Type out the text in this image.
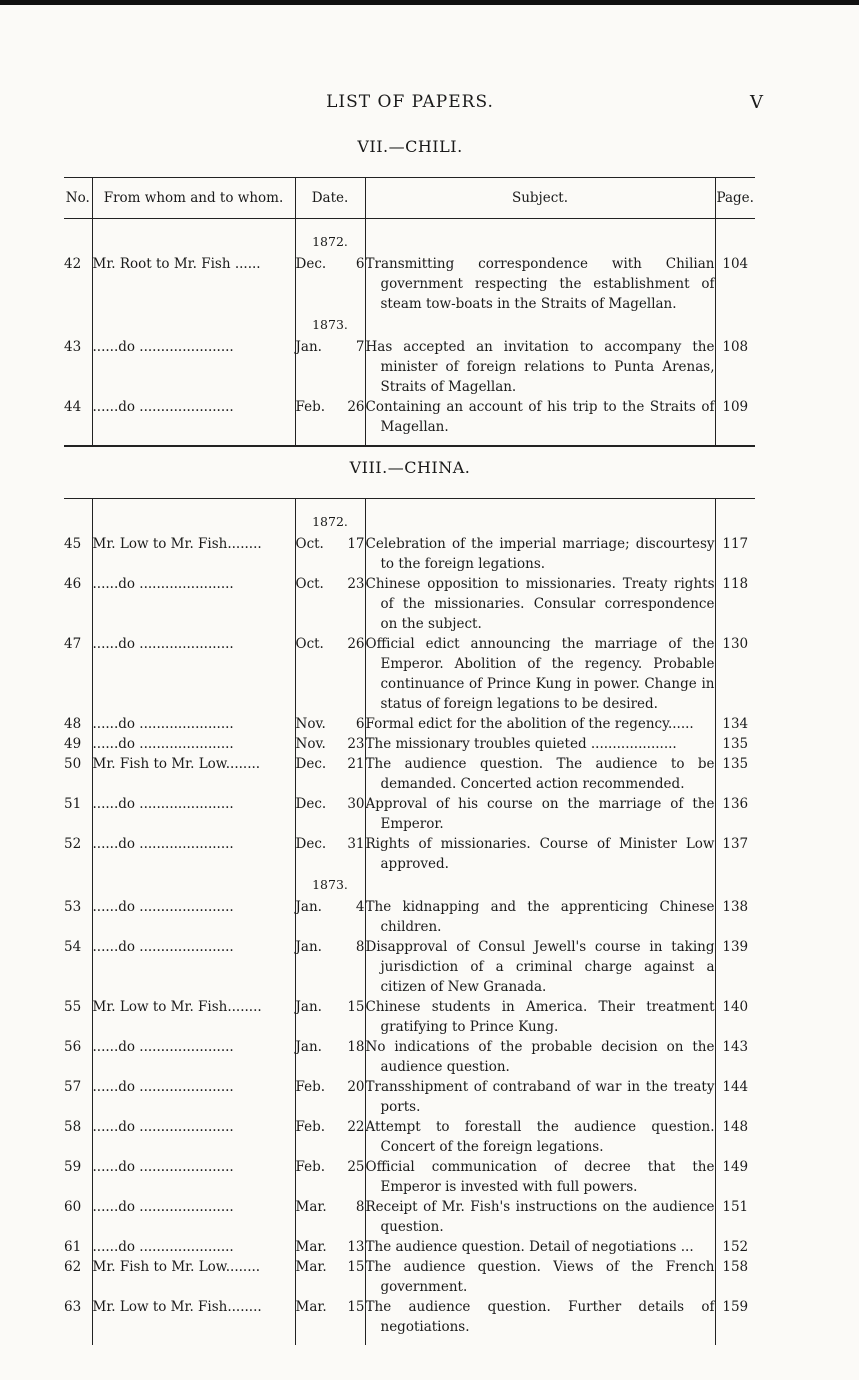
LIST OF PAPERS.	V
VII.—CHILI.
No.	From whom and to whom.	Date.	Subject.	Page.

		1872.		
42	Mr. Root to Mr. Fish ......	Dec. 6	Transmitting correspondence with Chilian government respecting the establishment of steam tow-boats in the Straits of Magellan.	104
		1873.		
43	......do ......................	Jan. 7	Has accepted an invitation to accompany the minister of foreign relations to Punta Arenas, Straits of Magellan.	108
44	......do ......................	Feb. 26	Containing an account of his trip to the Straits of Magellan.	109

VIII.—CHINA.

		1872.		
45	Mr. Low to Mr. Fish........	Oct. 17	Celebration of the imperial marriage; discourtesy to the foreign legations.	117
46	......do ......................	Oct. 23	Chinese opposition to missionaries. Treaty rights of the missionaries. Consular correspondence on the subject.	118
47	......do ......................	Oct. 26	Official edict announcing the marriage of the Emperor. Abolition of the regency. Probable continuance of Prince Kung in power. Change in status of foreign legations to be desired.	130
48	......do ......................	Nov. 6	Formal edict for the abolition of the regency......	134
49	......do ......................	Nov. 23	The missionary troubles quieted ....................	135
50	Mr. Fish to Mr. Low........	Dec. 21	The audience question. The audience to be demanded. Concerted action recommended.	135
51	......do ......................	Dec. 30	Approval of his course on the marriage of the Emperor.	136
52	......do ......................	Dec. 31	Rights of missionaries. Course of Minister Low approved.	137
		1873.		
53	......do ......................	Jan. 4	The kidnapping and the apprenticing Chinese children.	138
54	......do ......................	Jan. 8	Disapproval of Consul Jewell's course in taking jurisdiction of a criminal charge against a citizen of New Granada.	139
55	Mr. Low to Mr. Fish........	Jan. 15	Chinese students in America. Their treatment gratifying to Prince Kung.	140
56	......do ......................	Jan. 18	No indications of the probable decision on the audience question.	143
57	......do ......................	Feb. 20	Transshipment of contraband of war in the treaty ports.	144
58	......do ......................	Feb. 22	Attempt to forestall the audience question. Concert of the foreign legations.	148
59	......do ......................	Feb. 25	Official communication of decree that the Emperor is invested with full powers.	149
60	......do ......................	Mar. 8	Receipt of Mr. Fish's instructions on the audience question.	151
61	......do ......................	Mar. 13	The audience question. Detail of negotiations ...	152
62	Mr. Fish to Mr. Low........	Mar. 15	The audience question. Views of the French government.	158
63	Mr. Low to Mr. Fish........	Mar. 15	The audience question. Further details of negotiations.	159
